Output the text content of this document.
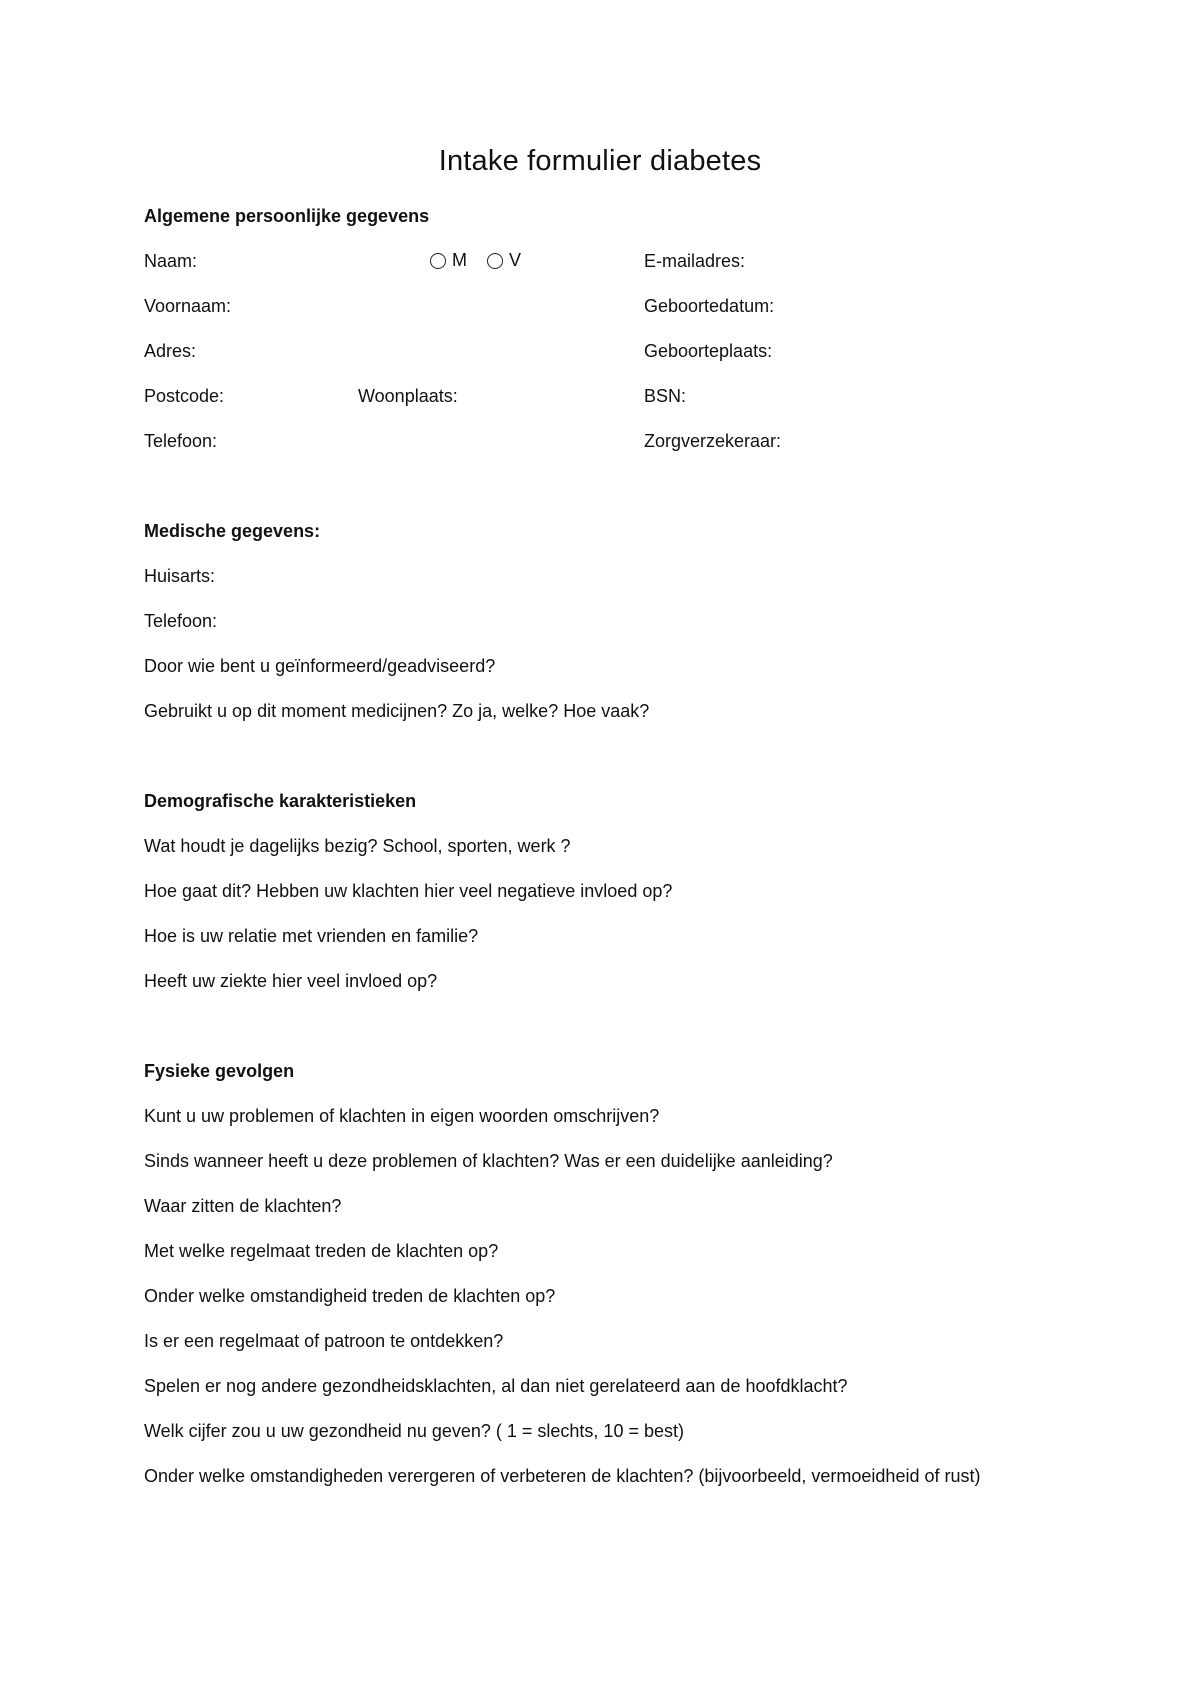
Intake formulier diabetes

Algemene persoonlijke gegevens

Naam:	M V	E-mailadres:

Voornaam:	Geboortedatum:

Adres:	Geboorteplaats:

Postcode:	Woonplaats:	BSN:

Telefoon:	Zorgverzekeraar:

Medische gegevens:

Huisarts:

Telefoon:

Door wie bent u geïnformeerd/geadviseerd?

Gebruikt u op dit moment medicijnen? Zo ja, welke? Hoe vaak?

Demografische karakteristieken

Wat houdt je dagelijks bezig? School, sporten, werk ?

Hoe gaat dit? Hebben uw klachten hier veel negatieve invloed op?

Hoe is uw relatie met vrienden en familie?

Heeft uw ziekte hier veel invloed op?

Fysieke gevolgen

Kunt u uw problemen of klachten in eigen woorden omschrijven?

Sinds wanneer heeft u deze problemen of klachten? Was er een duidelijke aanleiding?

Waar zitten de klachten?

Met welke regelmaat treden de klachten op?

Onder welke omstandigheid treden de klachten op?

Is er een regelmaat of patroon te ontdekken?

Spelen er nog andere gezondheidsklachten, al dan niet gerelateerd aan de hoofdklacht?

Welk cijfer zou u uw gezondheid nu geven? ( 1 = slechts, 10 = best)

Onder welke omstandigheden verergeren of verbeteren de klachten? (bijvoorbeeld, vermoeidheid of rust)
